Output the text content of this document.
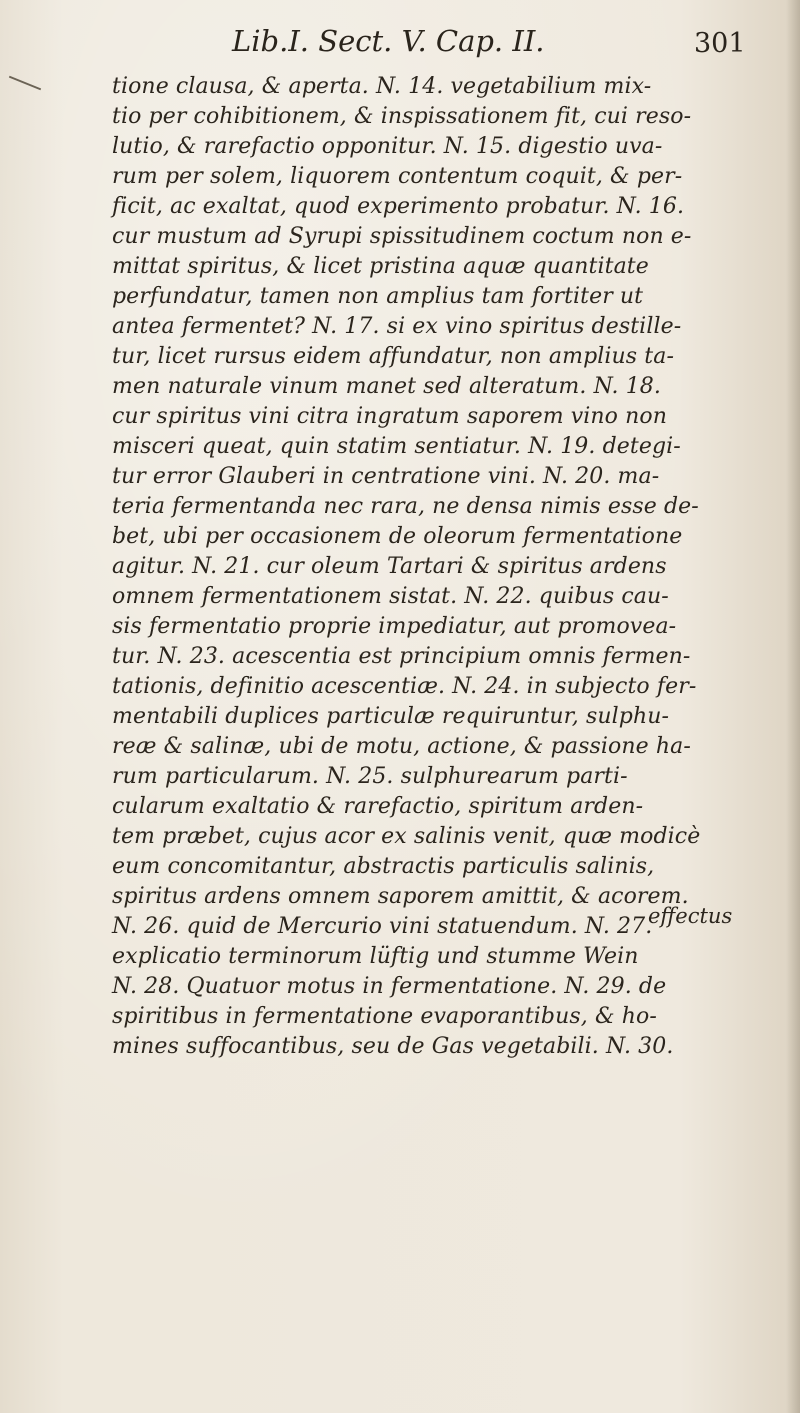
Lib.I. Sect. V. Cap. II.	301
tione clausa, & aperta. N. 14. vegetabilium mix-
tio per cohibitionem, & inspissationem fit, cui reso-
lutio, & rarefactio opponitur. N. 15. digestio uva-
rum per solem, liquorem contentum coquit, & per-
ficit, ac exaltat, quod experimento probatur. N. 16.
cur mustum ad Syrupi spissitudinem coctum non e-
mittat spiritus, & licet pristina aquæ quantitate
perfundatur, tamen non amplius tam fortiter ut
antea fermentet? N. 17. si ex vino spiritus destille-
tur, licet rursus eidem affundatur, non amplius ta-
men naturale vinum manet sed alteratum. N. 18.
cur spiritus vini citra ingratum saporem vino non
misceri queat, quin statim sentiatur. N. 19. detegi-
tur error Glauberi in centratione vini. N. 20. ma-
teria fermentanda nec rara, ne densa nimis esse de-
bet, ubi per occasionem de oleorum fermentatione
agitur. N. 21. cur oleum Tartari & spiritus ardens
omnem fermentationem sistat. N. 22. quibus cau-
sis fermentatio proprie impediatur, aut promovea-
tur. N. 23. acescentia est principium omnis fermen-
tationis, definitio acescentiæ. N. 24. in subjecto fer-
mentabili duplices particulæ requiruntur, sulphu-
reæ & salinæ, ubi de motu, actione, & passione ha-
rum particularum. N. 25. sulphurearum parti-
cularum exaltatio & rarefactio, spiritum arden-
tem præbet, cujus acor ex salinis venit, quæ modicè
eum concomitantur, abstractis particulis salinis,
spiritus ardens omnem saporem amittit, & acorem.
N. 26. quid de Mercurio vini statuendum. N. 27.
explicatio terminorum lüftig und stumme Wein
N. 28. Quatuor motus in fermentatione. N. 29. de
spiritibus in fermentatione evaporantibus, & ho-
mines suffocantibus, seu de Gas vegetabili. N. 30.
effectus
